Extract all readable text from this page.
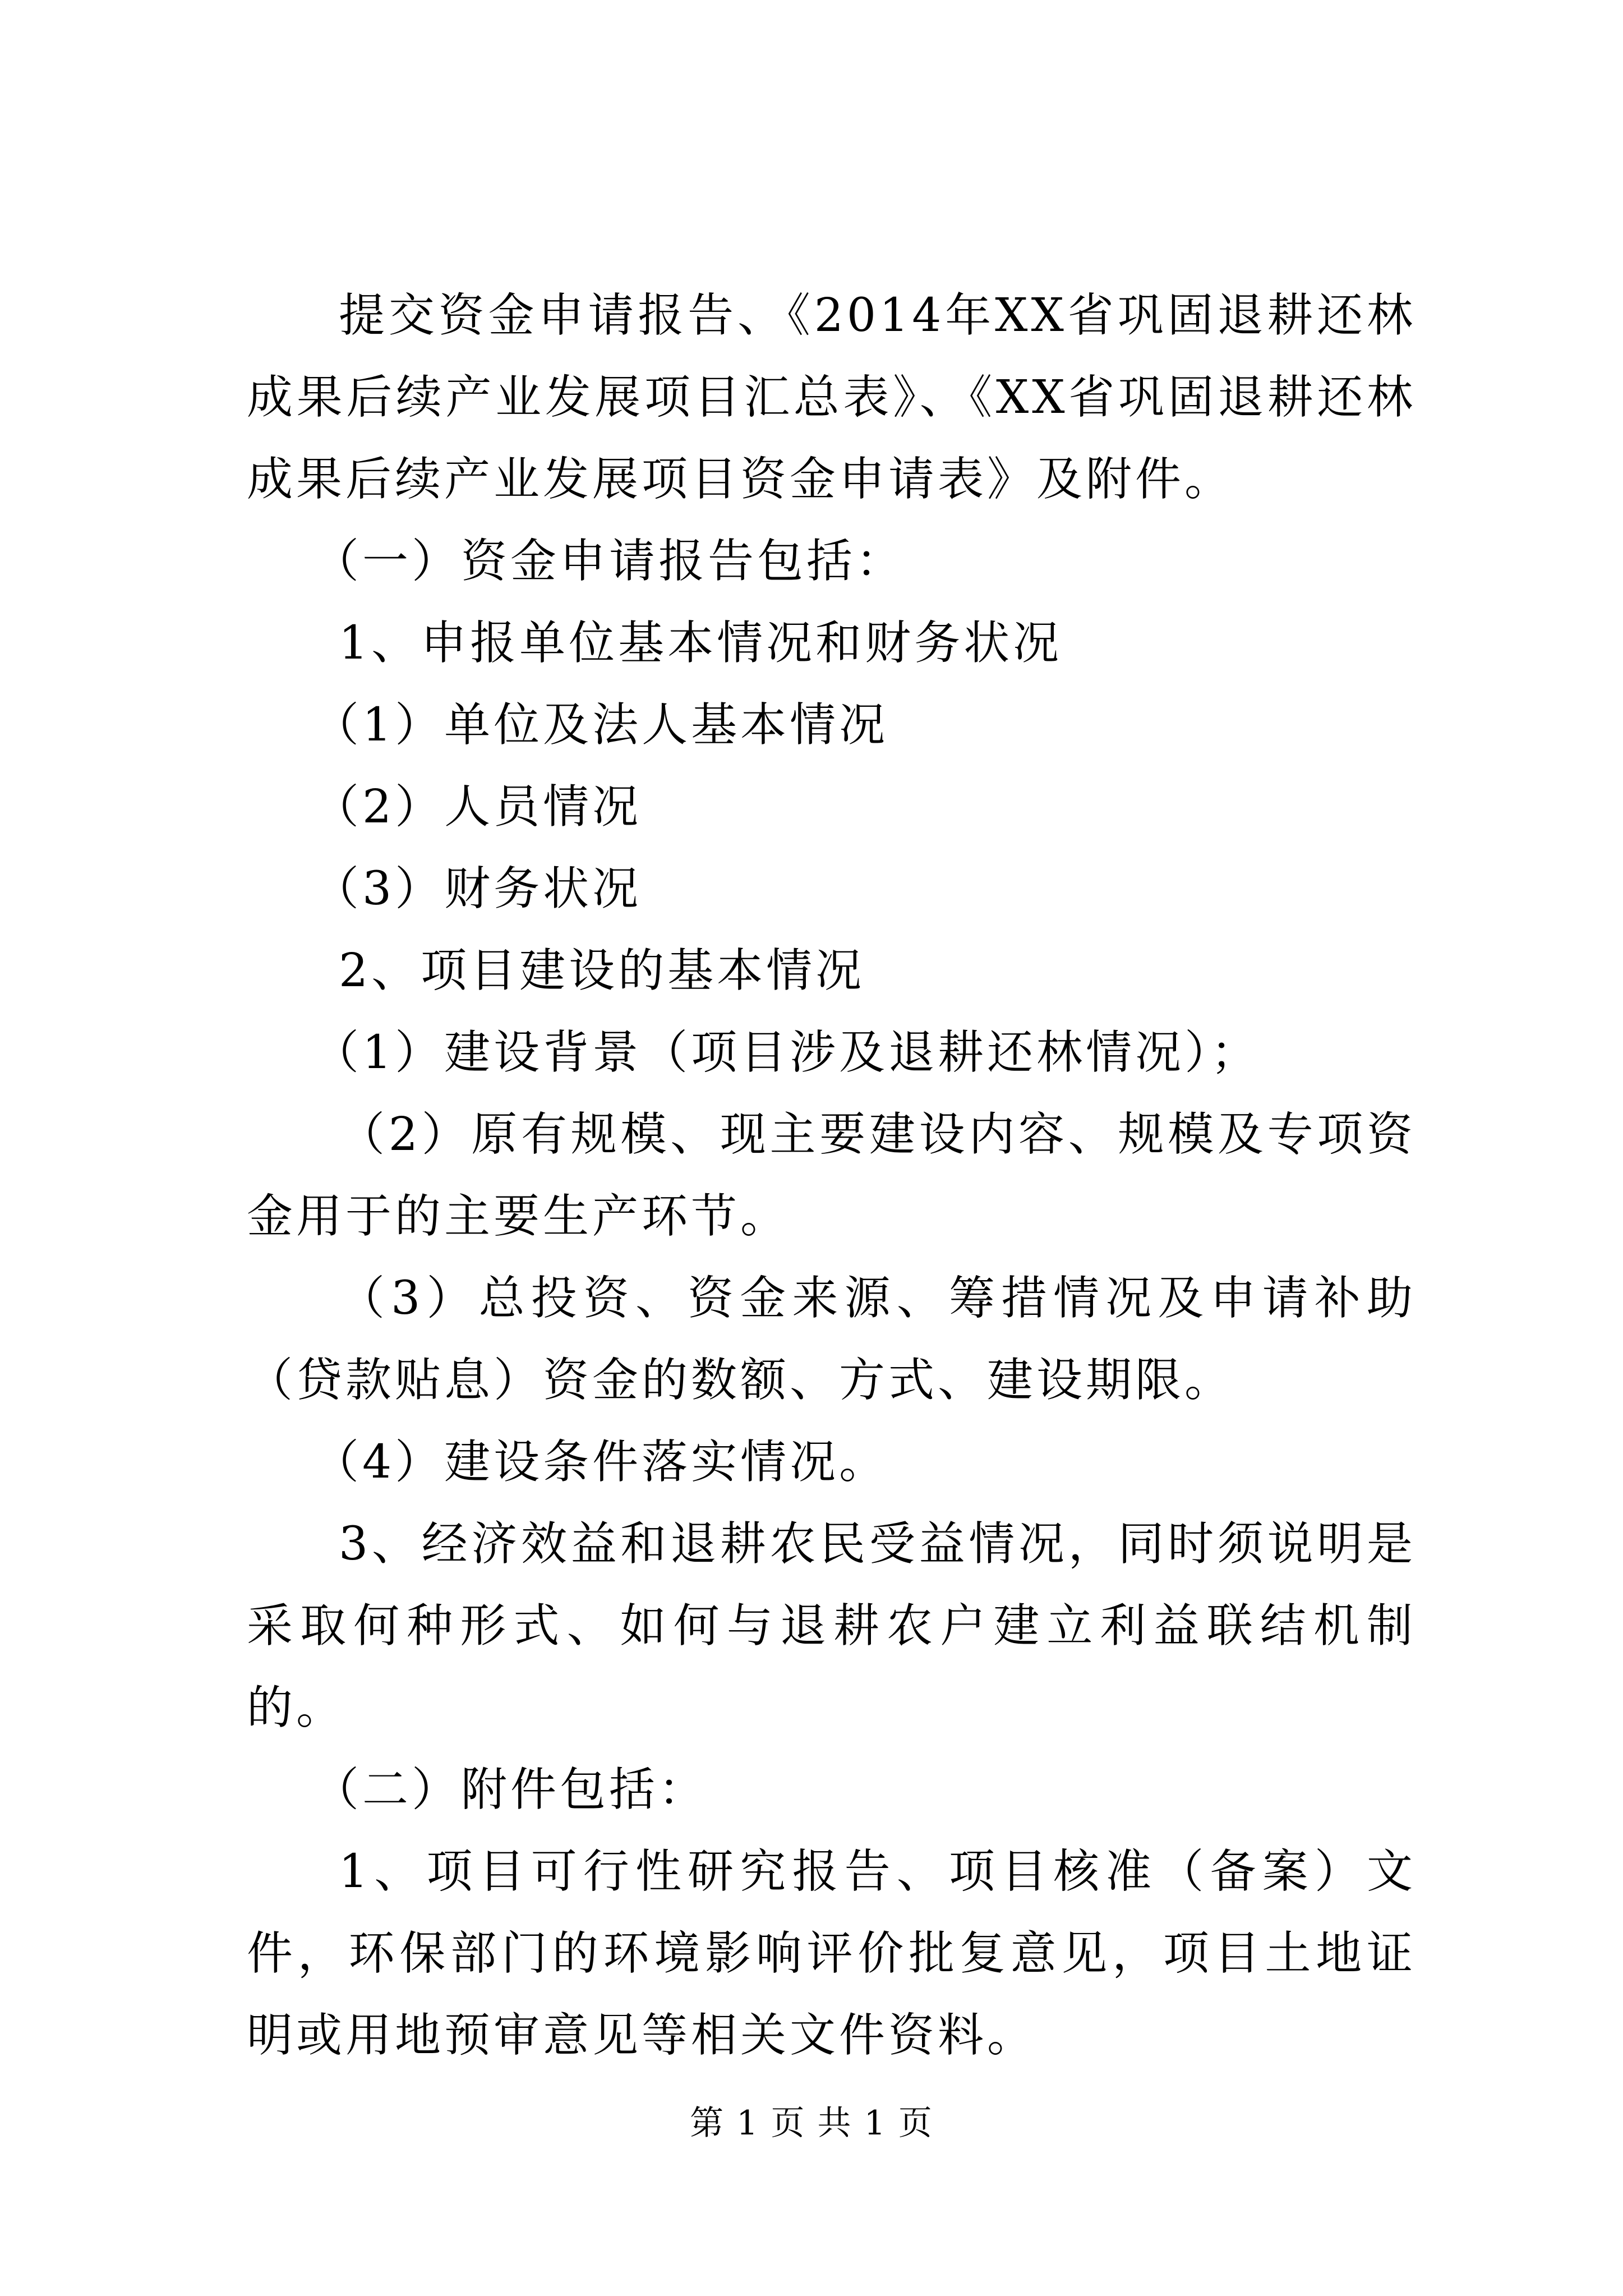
提交资金申请报告、《2014年XX省巩固退耕还林成果后续产业发展项目汇总表》、《XX省巩固退耕还林成果后续产业发展项目资金申请表》及附件。

（一）资金申请报告包括：

1、申报单位基本情况和财务状况

（1）单位及法人基本情况

（2）人员情况

（3）财务状况

2、项目建设的基本情况

（1）建设背景（项目涉及退耕还林情况）；

（2）原有规模、现主要建设内容、规模及专项资金用于的主要生产环节。

（3）总投资、资金来源、筹措情况及申请补助（贷款贴息）资金的数额、方式、建设期限。

（4）建设条件落实情况。

3、经济效益和退耕农民受益情况，同时须说明是采取何种形式、如何与退耕农户建立利益联结机制的。

（二）附件包括：

1、项目可行性研究报告、项目核准（备案）文件，环保部门的环境影响评价批复意见，项目土地证明或用地预审意见等相关文件资料。

第 1 页 共 1 页
